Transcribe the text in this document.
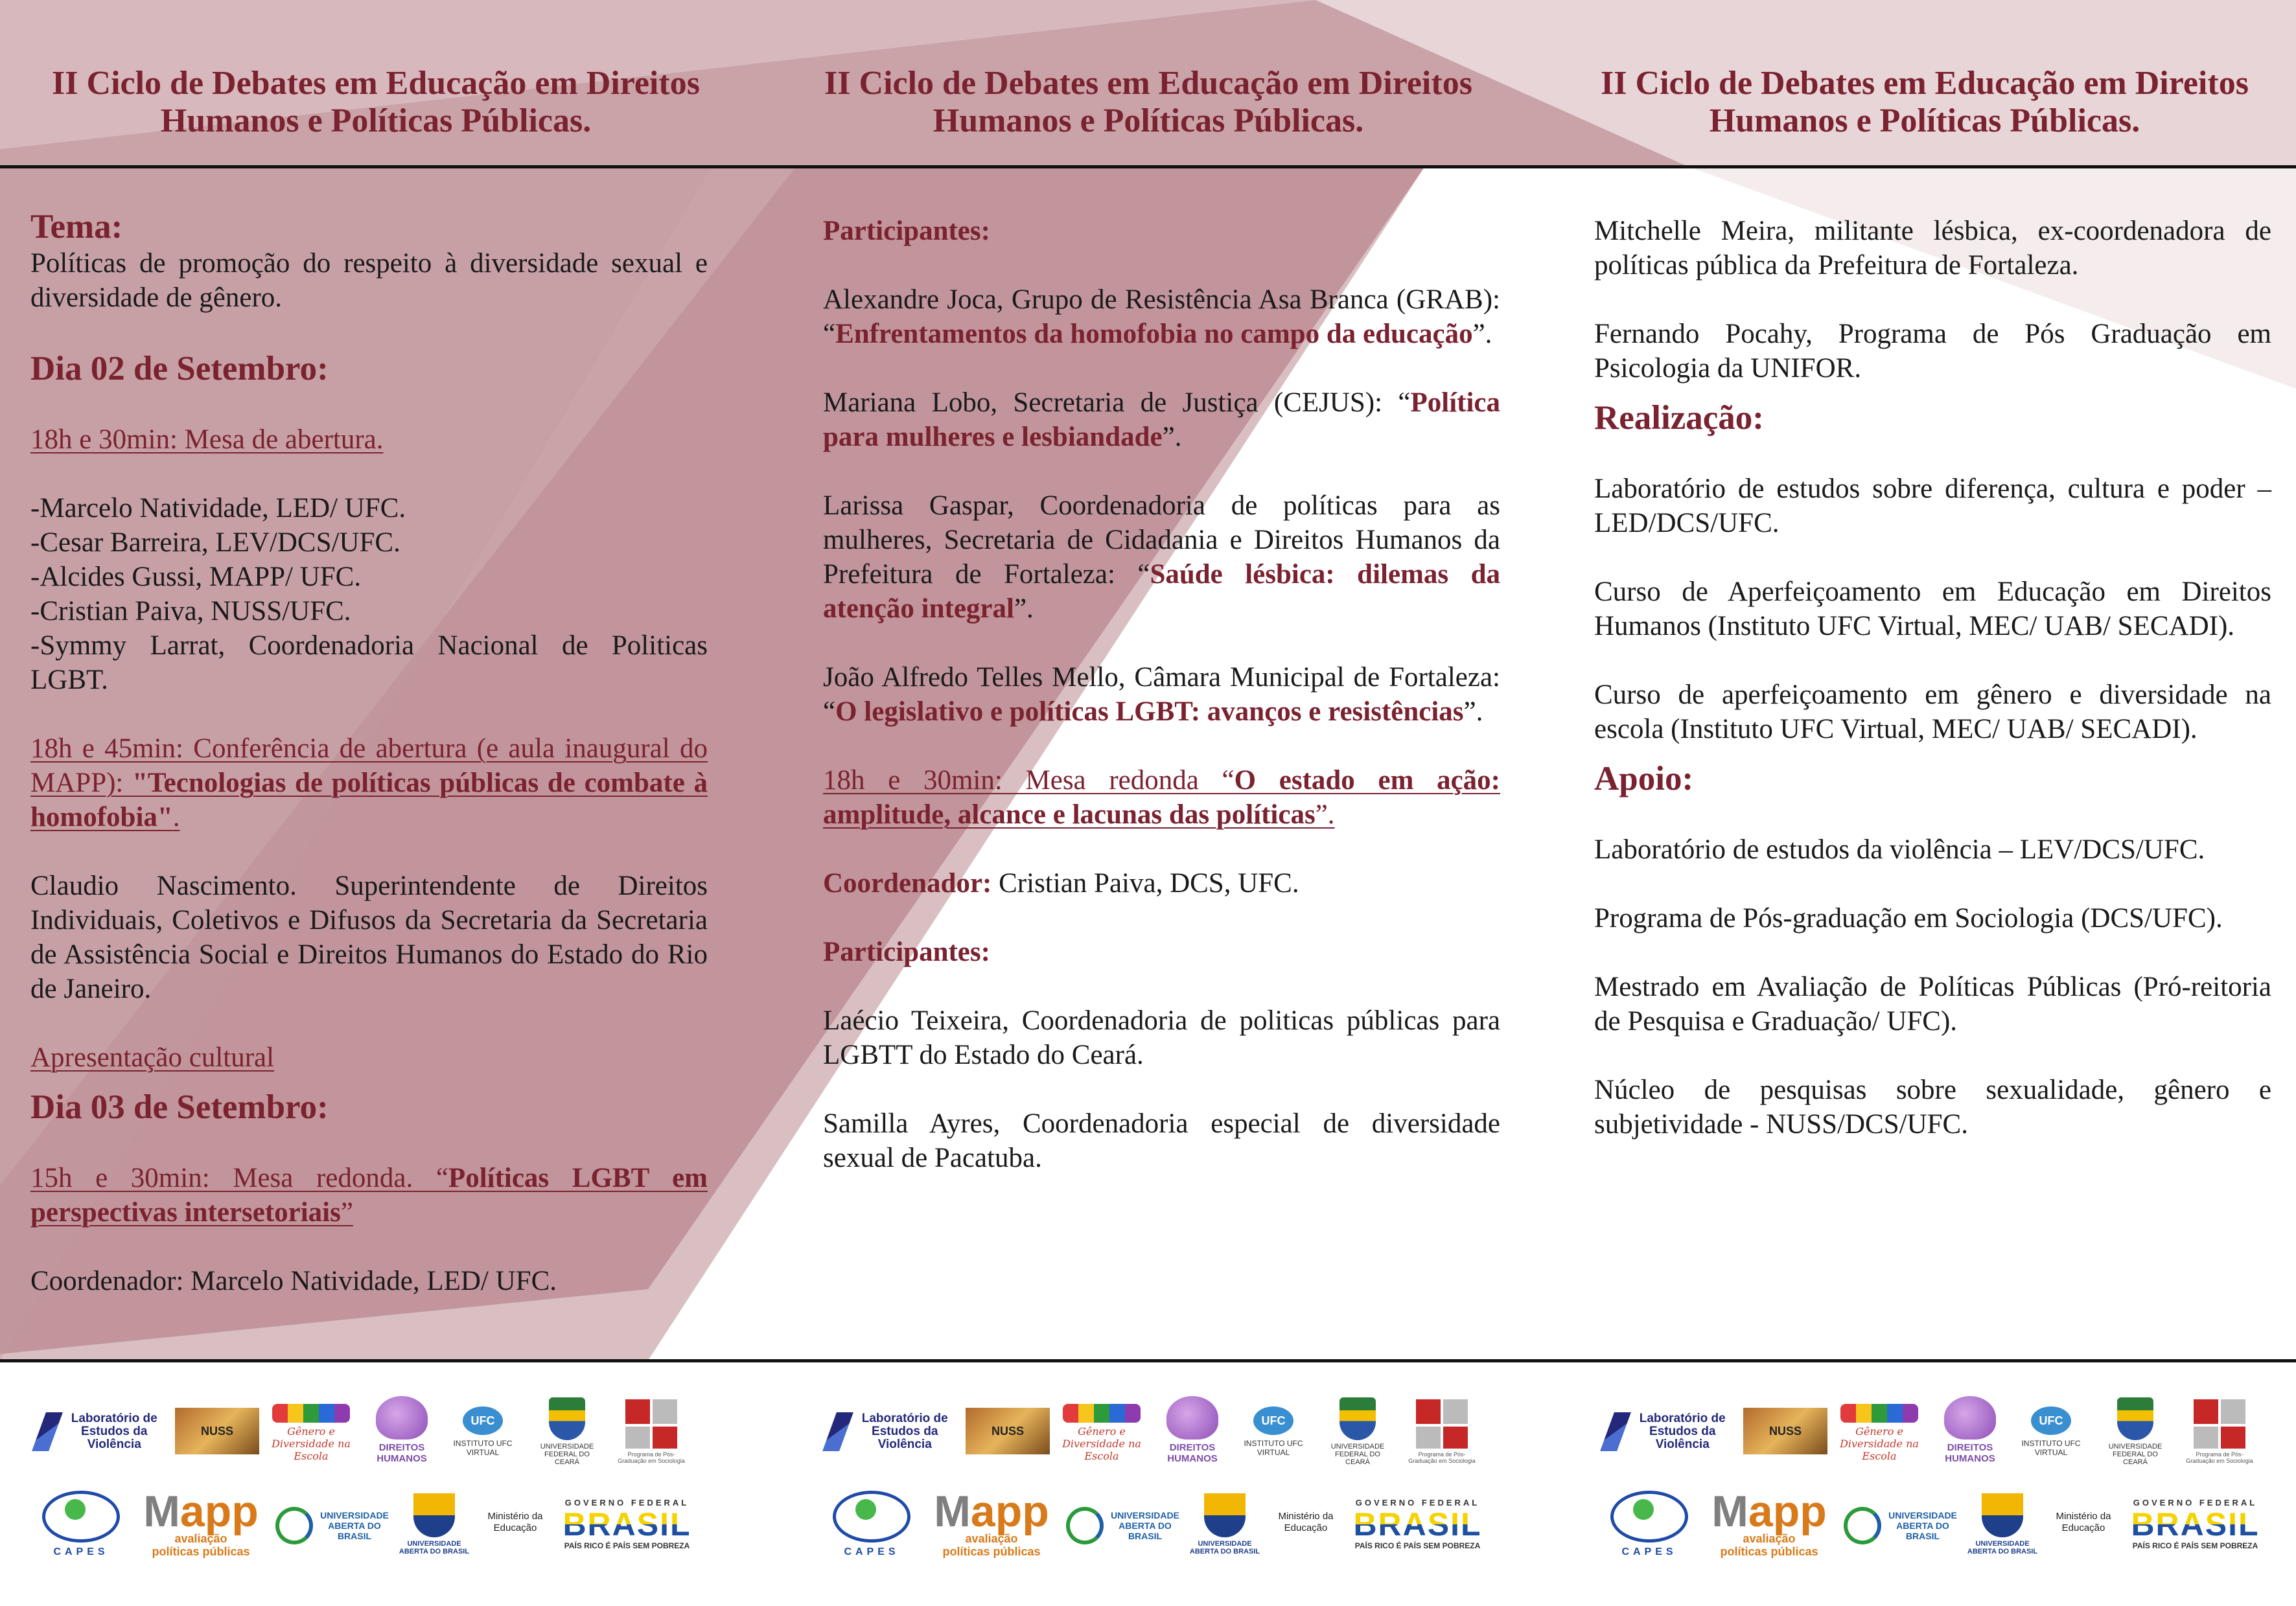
II Ciclo de Debates em Educação em Direitos Humanos e Políticas Públicas.
II Ciclo de Debates em Educação em Direitos Humanos e Políticas Públicas.
II Ciclo de Debates em Educação em Direitos Humanos e Políticas Públicas.
Tema:

Políticas de promoção do respeito à diversidade sexual e diversidade de gênero.

Dia 02 de Setembro:

18h e 30min: Mesa de abertura.

-Marcelo Natividade, LED/ UFC.

-Cesar Barreira, LEV/DCS/UFC.

-Alcides Gussi, MAPP/ UFC.

-Cristian Paiva, NUSS/UFC.

-Symmy Larrat, Coordenadoria Nacional de Politicas LGBT.

18h e 45min: Conferência de abertura (e aula inaugural do MAPP): "Tecnologias de políticas públicas de combate à homofobia".

Claudio Nascimento. Superintendente de Direitos Individuais, Coletivos e Difusos da Secretaria da Secretaria de Assistência Social e Direitos Humanos do Estado do Rio de Janeiro.

Apresentação cultural

Dia 03 de Setembro:

15h e 30min: Mesa redonda. “Políticas LGBT em perspectivas intersetoriais”

Coordenador: Marcelo Natividade, LED/ UFC.

Participantes:

Alexandre Joca, Grupo de Resistência Asa Branca (GRAB): “Enfrentamentos da homofobia no campo da educação”.

Mariana Lobo, Secretaria de Justiça (CEJUS): “Política para mulheres e lesbiandade”.

Larissa Gaspar, Coordenadoria de políticas para as mulheres, Secretaria de Cidadania e Direitos Humanos da Prefeitura de Fortaleza: “Saúde lésbica: dilemas da atenção integral”.

João Alfredo Telles Mello, Câmara Municipal de Fortaleza: “O legislativo e políticas LGBT: avanços e resistências”.

18h e 30min: Mesa redonda “O estado em ação: amplitude, alcance e lacunas das políticas”.

Coordenador: Cristian Paiva, DCS, UFC.

Participantes:

Laécio Teixeira, Coordenadoria de politicas públicas para LGBTT do Estado do Ceará.

Samilla Ayres, Coordenadoria especial de diversidade sexual de Pacatuba.

Mitchelle Meira, militante lésbica, ex-coordenadora de políticas pública da Prefeitura de Fortaleza.

Fernando Pocahy, Programa de Pós Graduação em Psicologia da UNIFOR.

Realização:

Laboratório de estudos sobre diferença, cultura e poder – LED/DCS/UFC.

Curso de Aperfeiçoamento em Educação em Direitos Humanos (Instituto UFC Virtual, MEC/ UAB/ SECADI).

Curso de aperfeiçoamento em gênero e diversidade na escola (Instituto UFC Virtual, MEC/ UAB/ SECADI).

Apoio:

Laboratório de estudos da violência – LEV/DCS/UFC.

Programa de Pós-graduação em Sociologia (DCS/UFC).

Mestrado em Avaliação de Políticas Públicas (Pró-reitoria de Pesquisa e Graduação/ UFC).

Núcleo de pesquisas sobre sexualidade, gênero e subjetividade - NUSS/DCS/UFC.

Laboratório de Estudos da Violência
NUSS	Gênero e Diversidade na Escola
DIREITOS HUMANOS
UFC
INSTITUTO UFC VIRTUAL
UNIVERSIDADE FEDERAL DO CEARÁ
Programa de Pós-Graduação em Sociologia
CAPES
Mapp
avaliação
políticas públicas
UNIVERSIDADE ABERTA DO BRASIL
UNIVERSIDADE ABERTA DO BRASIL
Ministério da Educação
GOVERNO FEDERAL
BRASIL
PAÍS RICO É PAÍS SEM POBREZA
Laboratório de Estudos da Violência
NUSS	Gênero e Diversidade na Escola
DIREITOS HUMANOS
UFC
INSTITUTO UFC VIRTUAL
UNIVERSIDADE FEDERAL DO CEARÁ
Programa de Pós-Graduação em Sociologia
CAPES
Mapp
avaliação
políticas públicas
UNIVERSIDADE ABERTA DO BRASIL
UNIVERSIDADE ABERTA DO BRASIL
Ministério da Educação
GOVERNO FEDERAL
BRASIL
PAÍS RICO É PAÍS SEM POBREZA
Laboratório de Estudos da Violência
NUSS	Gênero e Diversidade na Escola
DIREITOS HUMANOS
UFC
INSTITUTO UFC VIRTUAL
UNIVERSIDADE FEDERAL DO CEARÁ
Programa de Pós-Graduação em Sociologia
CAPES
Mapp
avaliação
políticas públicas
UNIVERSIDADE ABERTA DO BRASIL
UNIVERSIDADE ABERTA DO BRASIL
Ministério da Educação
GOVERNO FEDERAL
BRASIL
PAÍS RICO É PAÍS SEM POBREZA
